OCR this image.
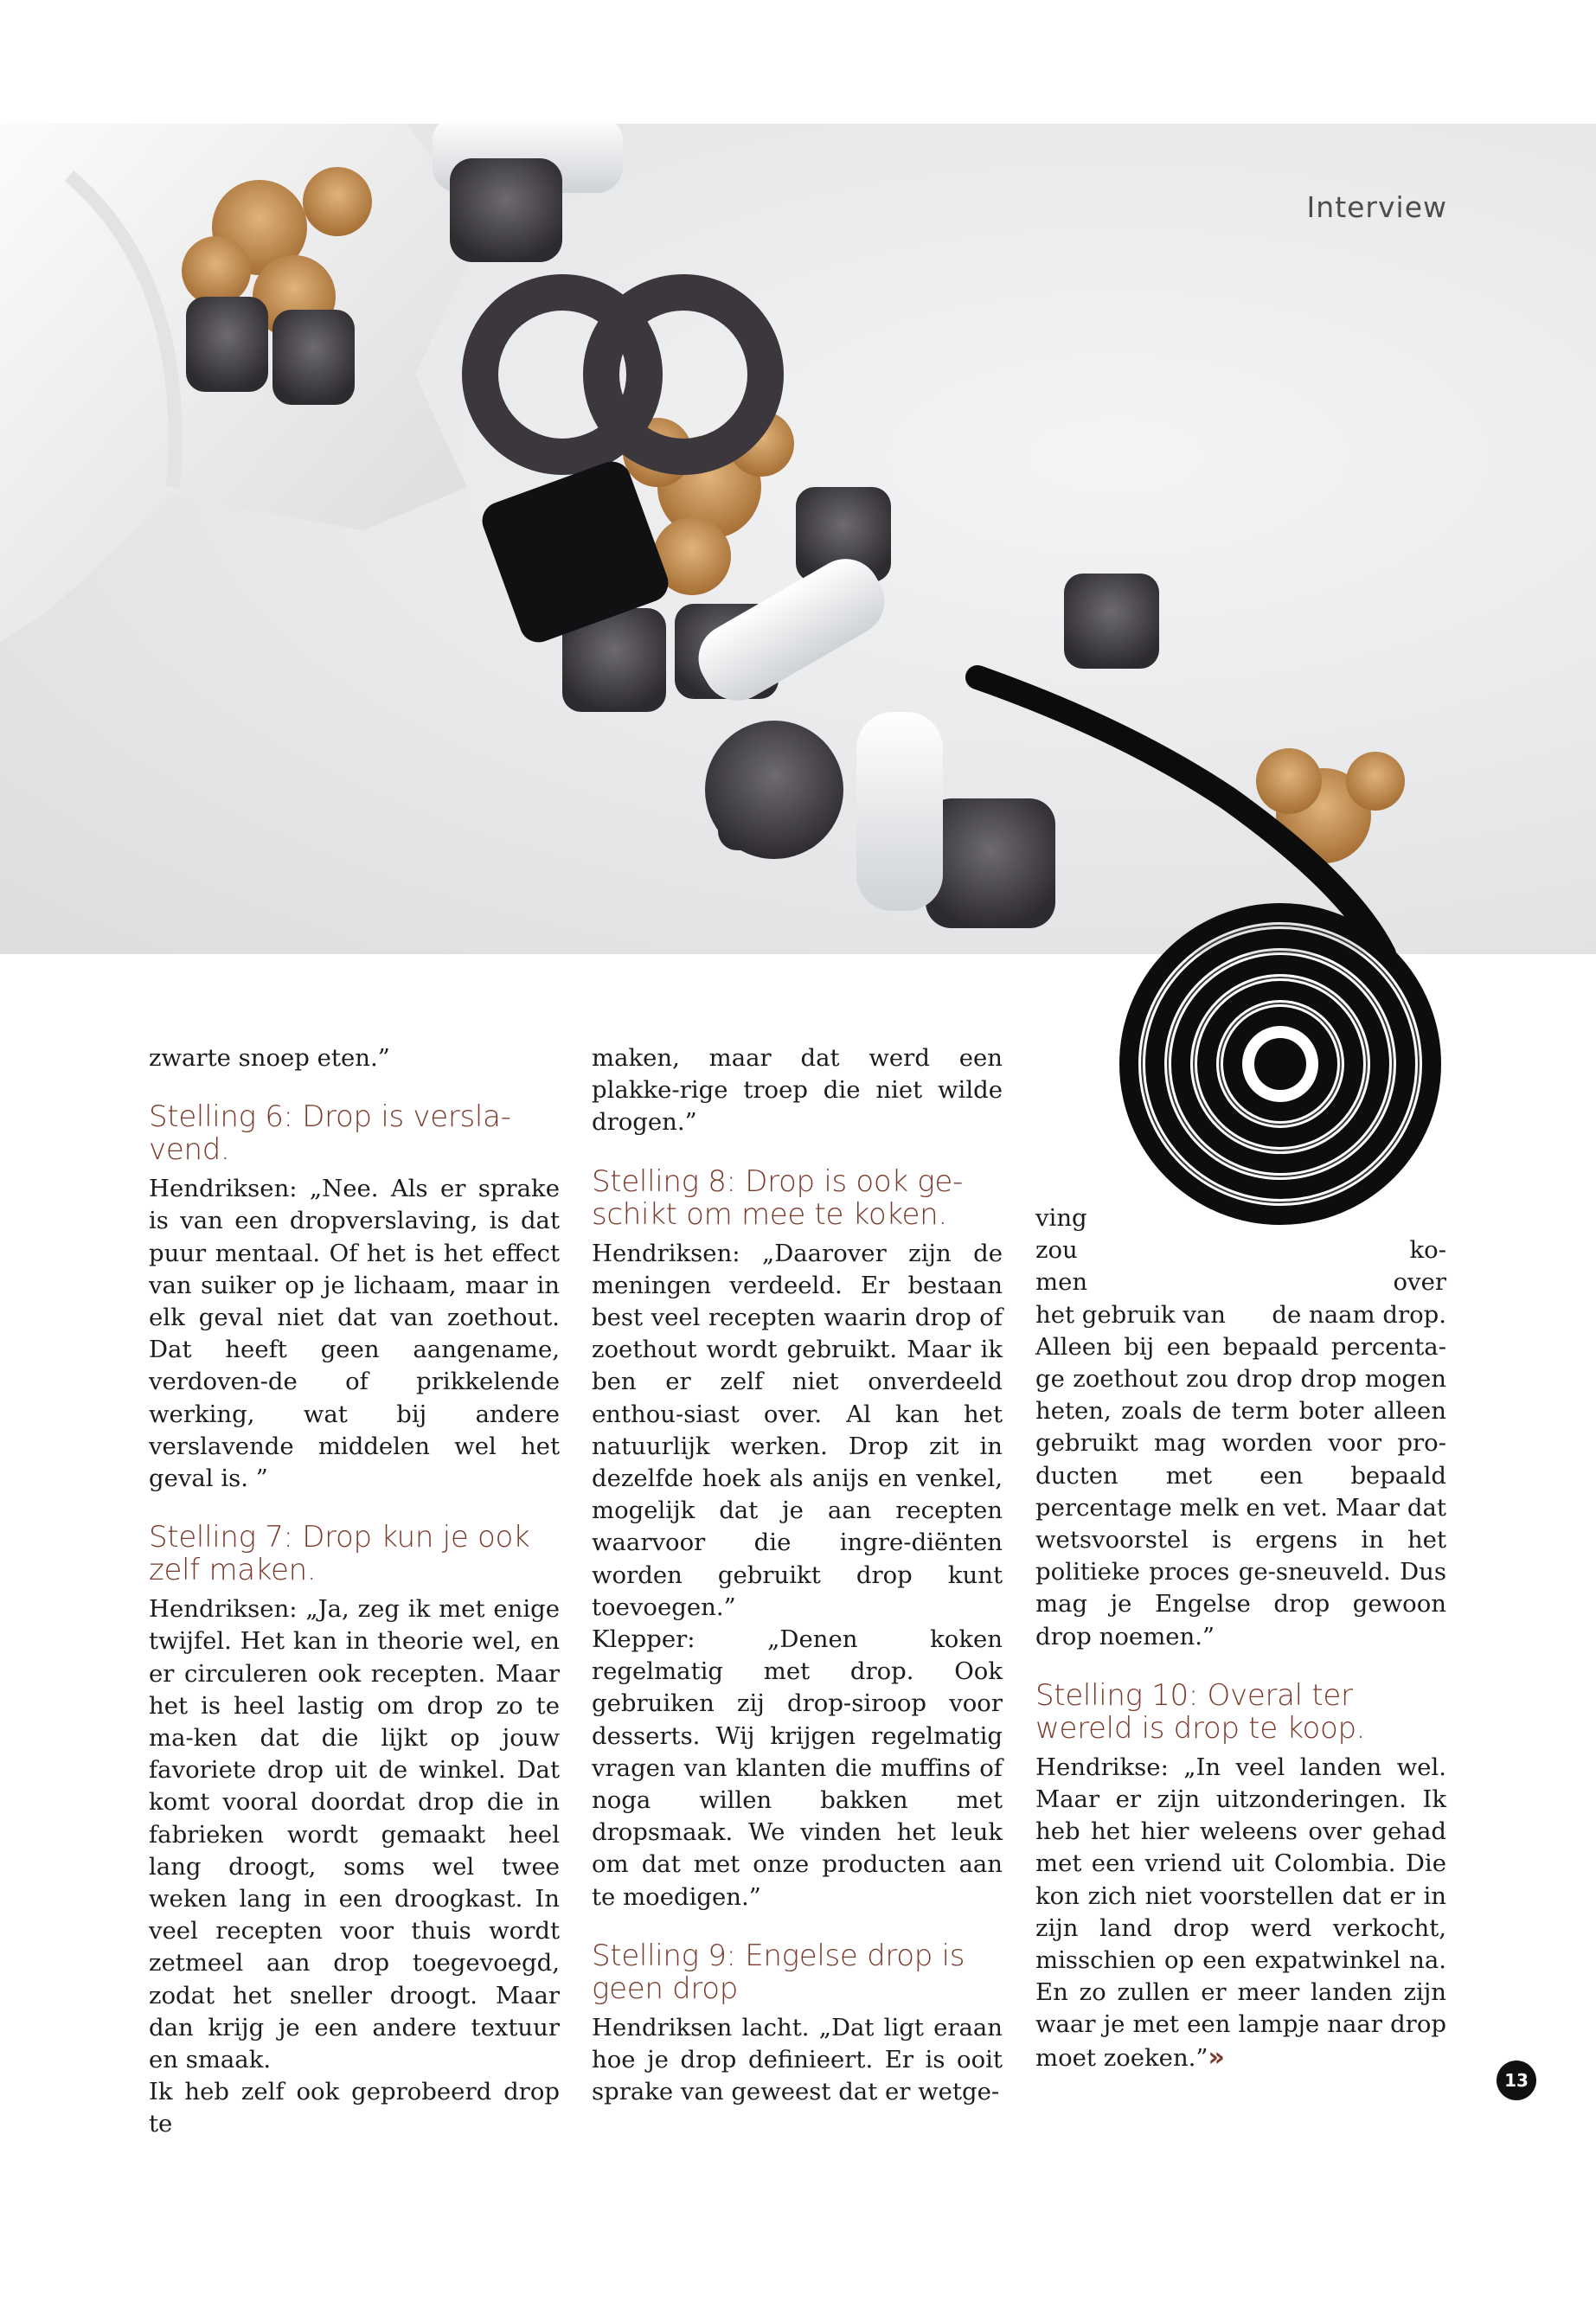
Interview

zwarte snoep eten.”

Stelling 6: Drop is versla-vend.

Hendriksen: „Nee. Als er sprake is van een dropverslaving, is dat puur mentaal. Of het is het effect van suiker op je lichaam, maar in elk geval niet dat van zoethout. Dat heeft geen aangename, verdoven-de of prikkelende werking, wat bij andere verslavende middelen wel het geval is. ”

Stelling 7: Drop kun je ook zelf maken.

Hendriksen: „Ja, zeg ik met enige twijfel. Het kan in theorie wel, en er circuleren ook recepten. Maar het is heel lastig om drop zo te ma-ken dat die lijkt op jouw favoriete drop uit de winkel. Dat komt vooral doordat drop die in fabrieken wordt gemaakt heel lang droogt, soms wel twee weken lang in een droogkast. In veel recepten voor thuis wordt zetmeel aan drop toegevoegd, zodat het sneller droogt. Maar dan krijg je een andere textuur en smaak.

Ik heb zelf ook geprobeerd drop te

maken, maar dat werd een plakke-rige troep die niet wilde drogen.”

Stelling 8: Drop is ook ge-schikt om mee te koken.

Hendriksen: „Daarover zijn de meningen verdeeld. Er bestaan best veel recepten waarin drop of zoethout wordt gebruikt. Maar ik ben er zelf niet onverdeeld enthou-siast over. Al kan het natuurlijk werken. Drop zit in dezelfde hoek als anijs en venkel, mogelijk dat je aan recepten waarvoor die ingre-diënten worden gebruikt drop kunt toevoegen.”

Klepper: „Denen koken regelmatig met drop. Ook gebruiken zij drop-siroop voor desserts. Wij krijgen regelmatig vragen van klanten die muffins of noga willen bakken met dropsmaak. We vinden het leuk om dat met onze producten aan te moedigen.”

Stelling 9: Engelse drop is geen drop

Hendriksen lacht. „Dat ligt eraan hoe je drop definieert. Er is ooit sprake van geweest dat er wetge-

ving

zou	ko-
men	over
het gebruik van de naam drop.

Alleen bij een bepaald percenta-ge zoethout zou drop drop mogen heten, zoals de term boter alleen gebruikt mag worden voor pro-ducten met een bepaald percentage melk en vet. Maar dat wetsvoorstel is ergens in het politieke proces ge-sneuveld. Dus mag je Engelse drop gewoon drop noemen.”

Stelling 10: Overal ter wereld is drop te koop.

Hendrikse: „In veel landen wel. Maar er zijn uitzonderingen. Ik heb het hier weleens over gehad met een vriend uit Colombia. Die kon zich niet voorstellen dat er in zijn land drop werd verkocht, misschien op een expatwinkel na. En zo zullen er meer landen zijn waar je met een lampje naar drop moet zoeken.”»

13
